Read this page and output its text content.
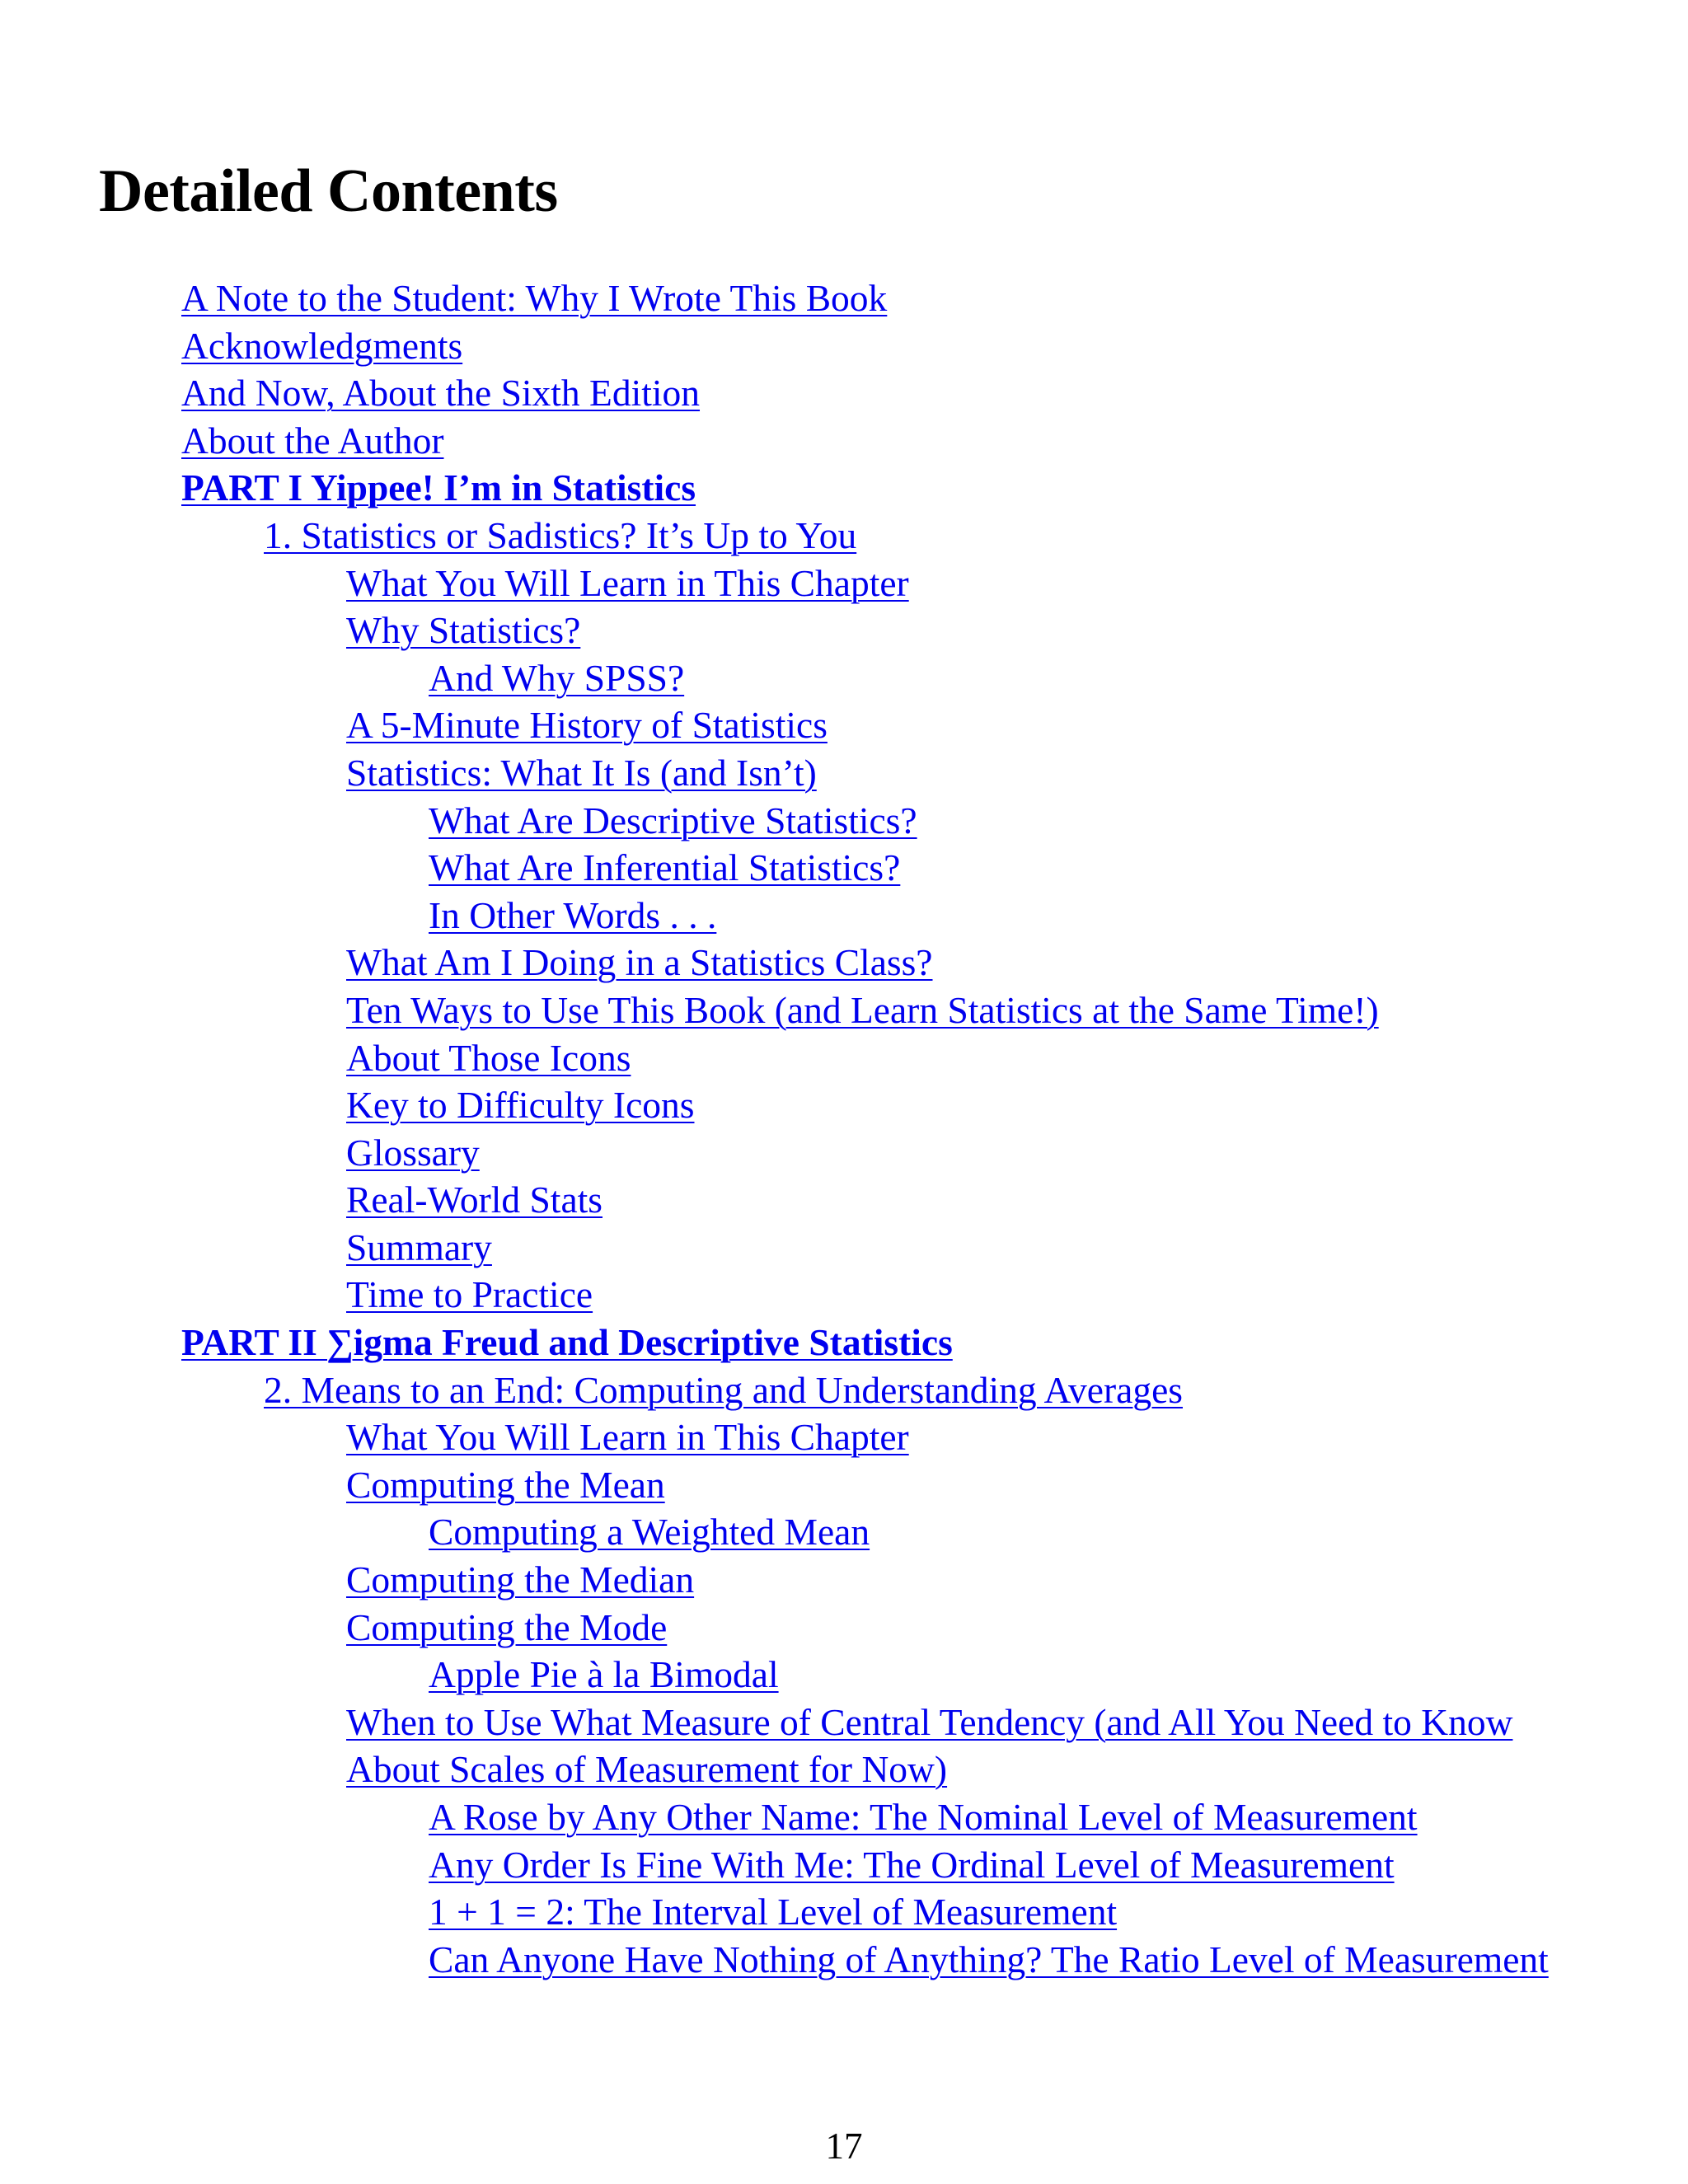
Detailed Contents
A Note to the Student: Why I Wrote This Book
Acknowledgments
And Now, About the Sixth Edition
About the Author
PART I Yippee! I’m in Statistics
1. Statistics or Sadistics? It’s Up to You
What You Will Learn in This Chapter
Why Statistics?
And Why SPSS?
A 5-Minute History of Statistics
Statistics: What It Is (and Isn’t)
What Are Descriptive Statistics?
What Are Inferential Statistics?
In Other Words . . .
What Am I Doing in a Statistics Class?
Ten Ways to Use This Book (and Learn Statistics at the Same Time!)
About Those Icons
Key to Difficulty Icons
Glossary
Real-World Stats
Summary
Time to Practice
PART II ∑igma Freud and Descriptive Statistics
2. Means to an End: Computing and Understanding Averages
What You Will Learn in This Chapter
Computing the Mean
Computing a Weighted Mean
Computing the Median
Computing the Mode
Apple Pie à la Bimodal
When to Use What Measure of Central Tendency (and All You Need to Know About Scales of Measurement for Now)
A Rose by Any Other Name: The Nominal Level of Measurement
Any Order Is Fine With Me: The Ordinal Level of Measurement
1 + 1 = 2: The Interval Level of Measurement
Can Anyone Have Nothing of Anything? The Ratio Level of Measurement
17
